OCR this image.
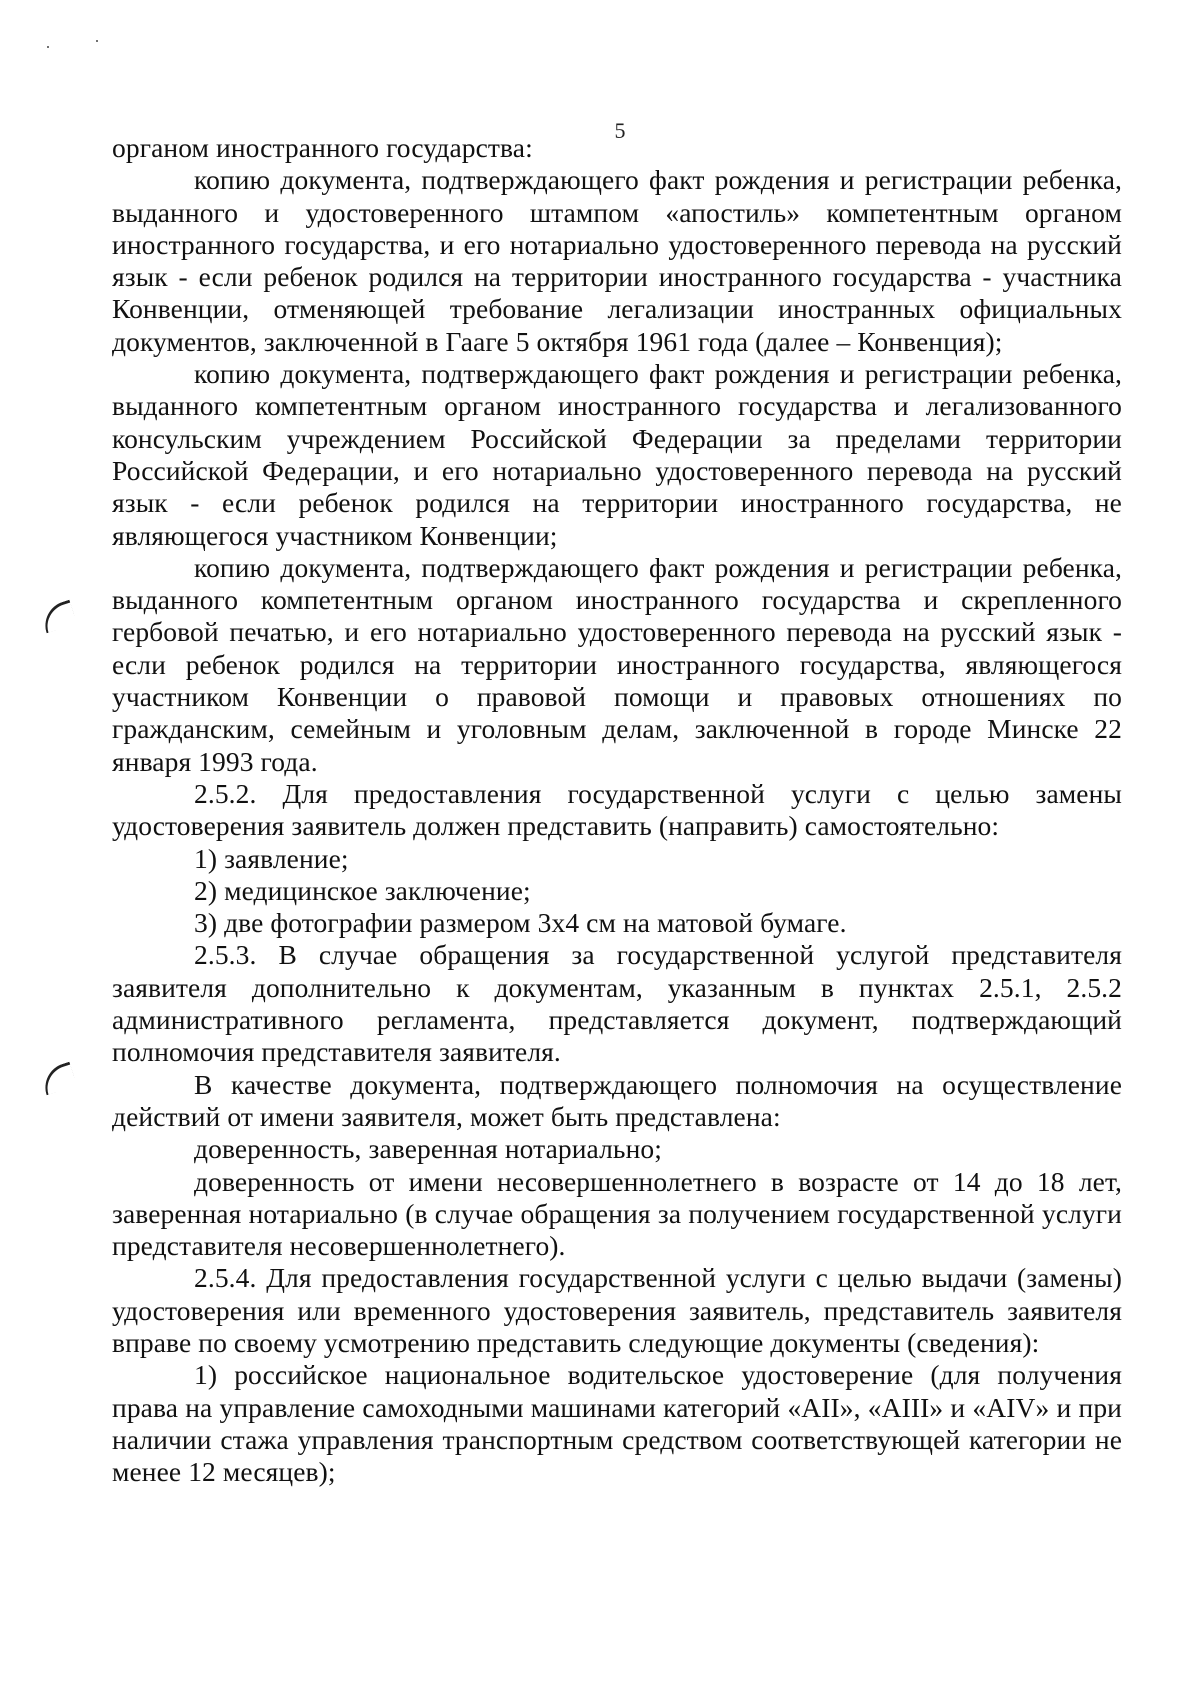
5

органом иностранного государства:

копию документа, подтверждающего факт рождения и регистрации ребенка, выданного и удостоверенного штампом «апостиль» компетентным органом иностранного государства, и его нотариально удостоверенного перевода на русский язык - если ребенок родился на территории иностранного государства - участника Конвенции, отменяющей требование легализации иностранных официальных документов, заключенной в Гааге 5 октября 1961 года (далее – Конвенция);

копию документа, подтверждающего факт рождения и регистрации ребенка, выданного компетентным органом иностранного государства и легализованного консульским учреждением Российской Федерации за пределами территории Российской Федерации, и его нотариально удостоверенного перевода на русский язык - если ребенок родился на территории иностранного государства, не являющегося участником Конвенции;

копию документа, подтверждающего факт рождения и регистрации ребенка, выданного компетентным органом иностранного государства и скрепленного гербовой печатью, и его нотариально удостоверенного перевода на русский язык - если ребенок родился на территории иностранного государства, являющегося участником Конвенции о правовой помощи и правовых отношениях по гражданским, семейным и уголовным делам, заключенной в городе Минске 22 января 1993 года.

2.5.2. Для предоставления государственной услуги с целью замены удостоверения заявитель должен представить (направить) самостоятельно:

1) заявление;

2) медицинское заключение;

3) две фотографии размером 3x4 см на матовой бумаге.

2.5.3. В случае обращения за государственной услугой представителя заявителя дополнительно к документам, указанным в пунктах 2.5.1, 2.5.2 административного регламента, представляется документ, подтверждающий полномочия представителя заявителя.

В качестве документа, подтверждающего полномочия на осуществление действий от имени заявителя, может быть представлена:

доверенность, заверенная нотариально;

доверенность от имени несовершеннолетнего в возрасте от 14 до 18 лет, заверенная нотариально (в случае обращения за получением государственной услуги представителя несовершеннолетнего).

2.5.4. Для предоставления государственной услуги с целью выдачи (замены) удостоверения или временного удостоверения заявитель, представитель заявителя вправе по своему усмотрению представить следующие документы (сведения):

1) российское национальное водительское удостоверение (для получения права на управление самоходными машинами категорий «AII», «AIII» и «AIV» и при наличии стажа управления транспортным средством соответствующей категории не менее 12 месяцев);
